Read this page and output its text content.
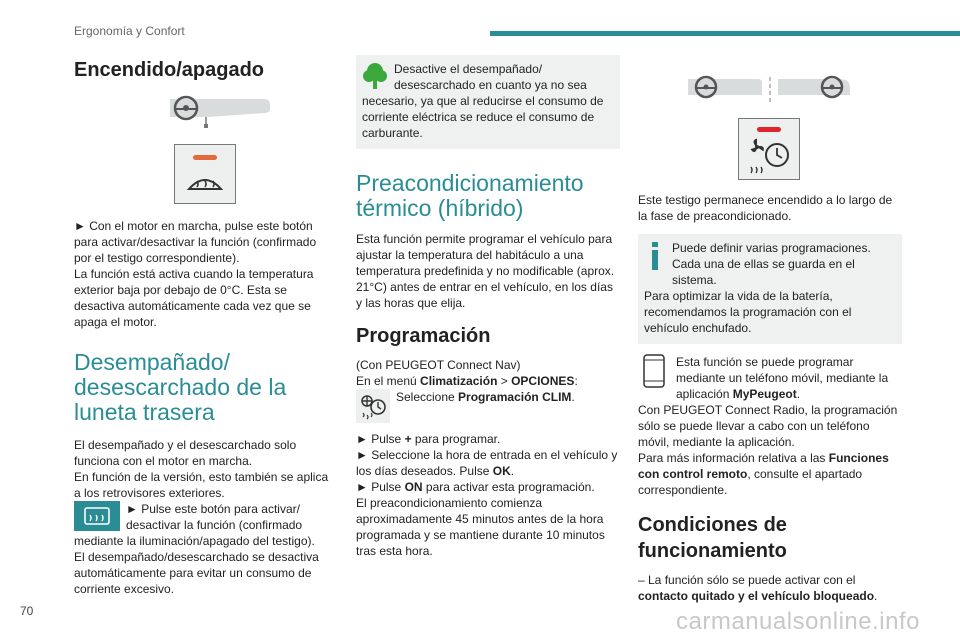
Ergonomía y Confort
Encendido/apagado

► Con el motor en marcha, pulse este botón para activar/desactivar la función (confirmado por el testigo correspondiente).

La función está activa cuando la temperatura exterior baja por debajo de 0°C. Esta se desactiva automáticamente cada vez que se apaga el motor.

Desempañado/ desescarchado de la luneta trasera

El desempañado y el desescarchado solo funciona con el motor en marcha.

En función de la versión, esto también se aplica a los retrovisores exteriores.

► Pulse este botón para activar/ desactivar la función (confirmado mediante la iluminación/apagado del testigo).

El desempañado/desescarchado se desactiva automáticamente para evitar un consumo de corriente excesivo.

Desactive el desempañado/ desescarchado en cuanto ya no sea necesario, ya que al reducirse el consumo de corriente eléctrica se reduce el consumo de carburante.

Preacondicionamiento térmico (híbrido)

Esta función permite programar el vehículo para ajustar la temperatura del habitáculo a una temperatura predefinida y no modificable (aprox. 21°C) antes de entrar en el vehículo, en los días y las horas que elija.

Programación

(Con PEUGEOT Connect Nav)

En el menú Climatización > OPCIONES:

Seleccione Programación CLIM.

► Pulse + para programar.

► Seleccione la hora de entrada en el vehículo y los días deseados. Pulse OK.

► Pulse ON para activar esta programación.

El preacondicionamiento comienza aproximadamente 45 minutos antes de la hora programada y se mantiene durante 10 minutos tras esta hora.

Este testigo permanece encendido a lo largo de la fase de preacondicionado.

Puede definir varias programaciones. Cada una de ellas se guarda en el sistema.

Para optimizar la vida de la batería, recomendamos la programación con el vehículo enchufado.

Esta función se puede programar mediante un teléfono móvil, mediante la aplicación MyPeugeot.

Con PEUGEOT Connect Radio, la programación sólo se puede llevar a cabo con un teléfono móvil, mediante la aplicación.

Para más información relativa a las Funciones con control remoto, consulte el apartado correspondiente.

Condiciones de funcionamiento

– La función sólo se puede activar con el contacto quitado y el vehículo bloqueado.

70	carmanualsonline.info
